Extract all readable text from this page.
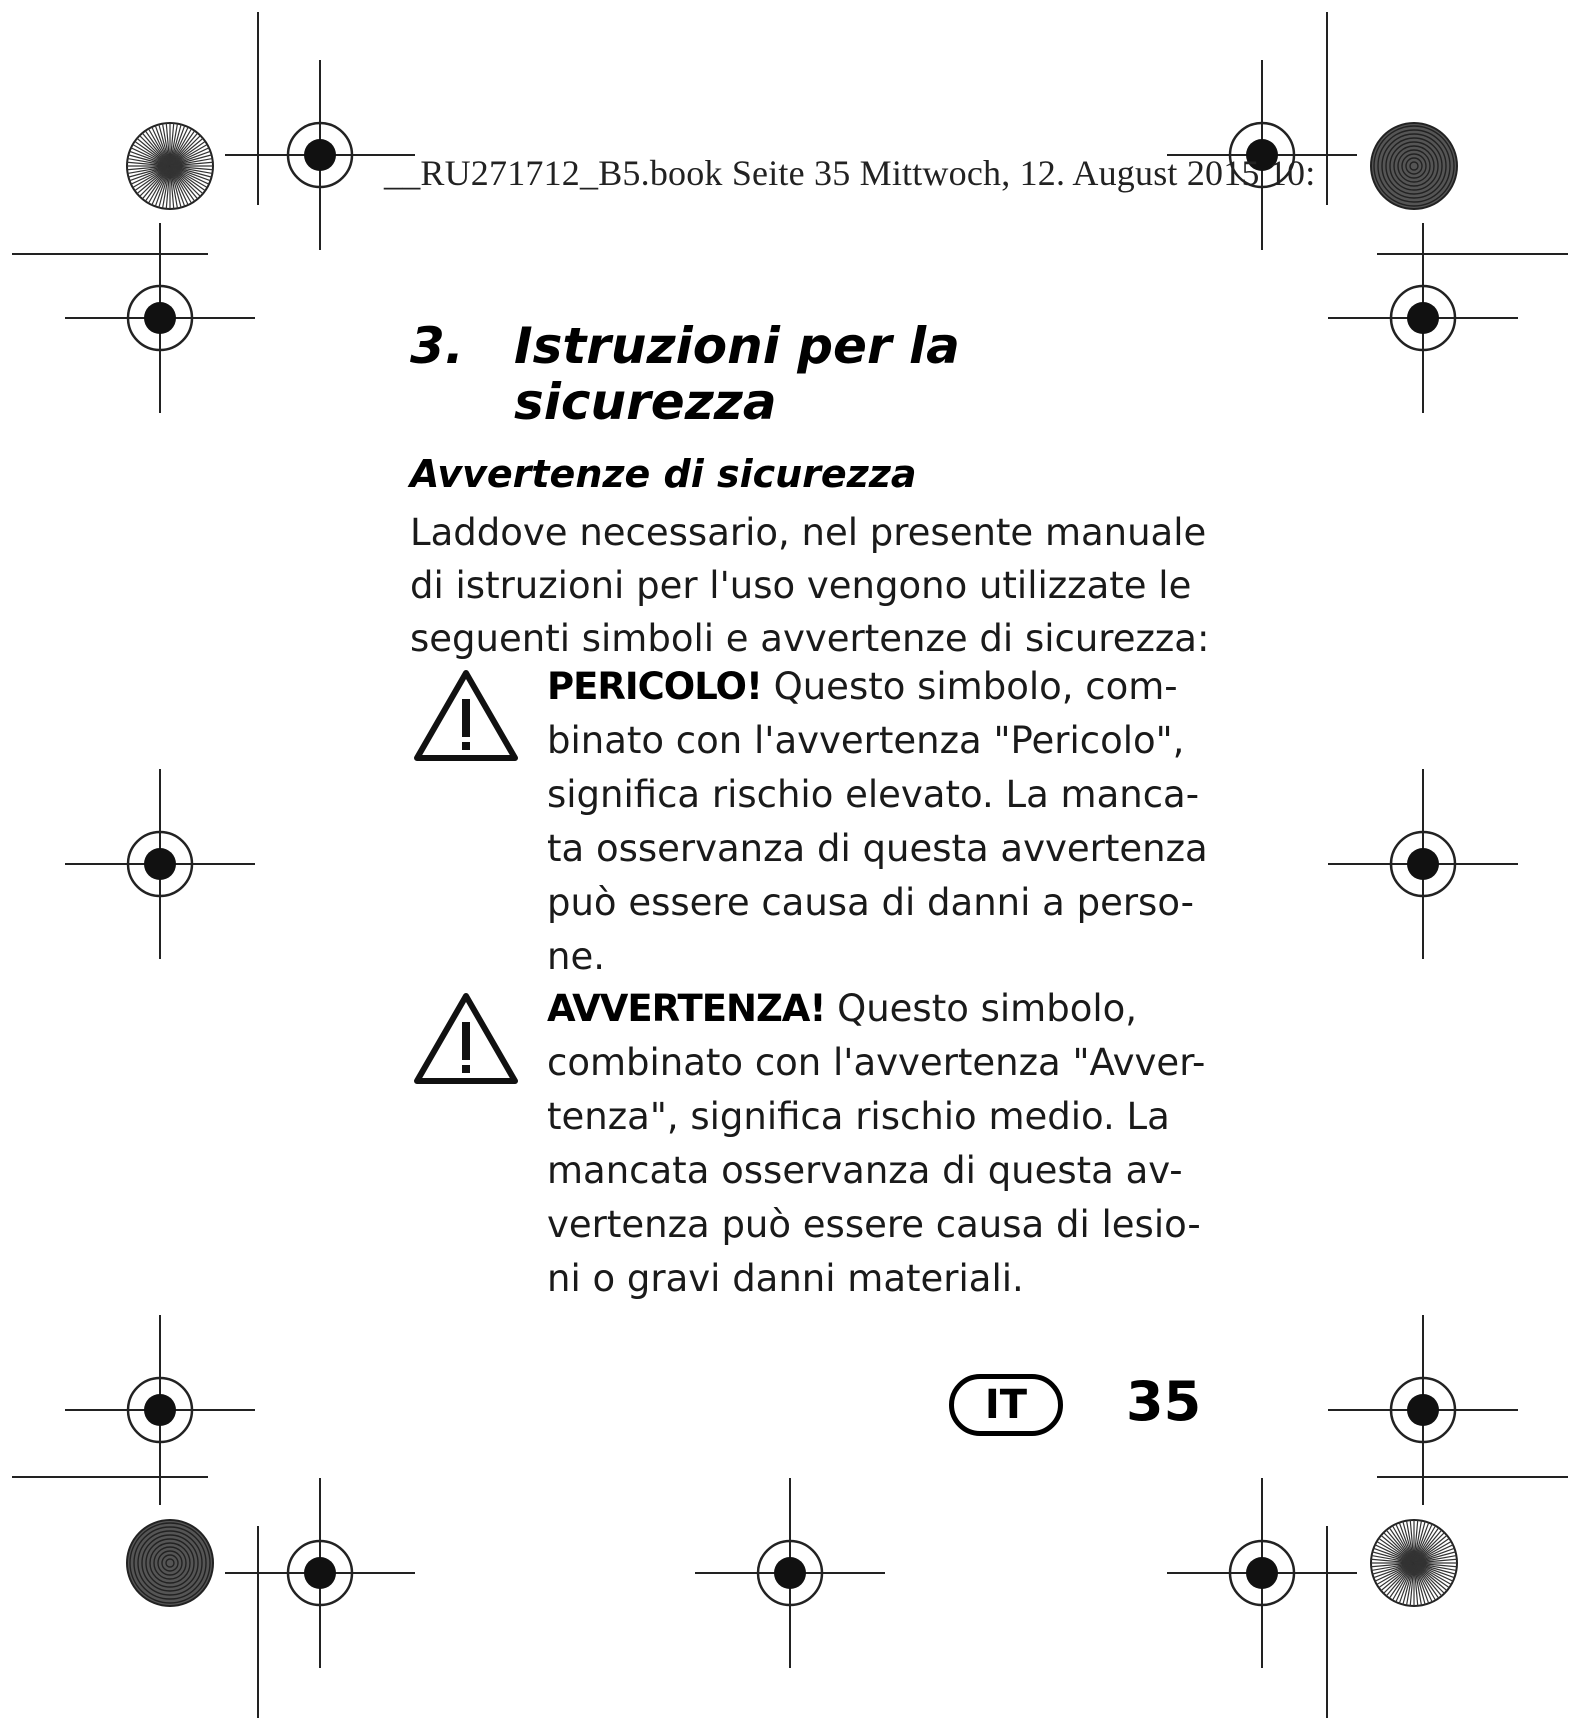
__RU271712_B5.book Seite 35 Mittwoch, 12. August 2015 10:
3. Istruzioni per la
sicurezza
Avvertenze di sicurezza
Laddove necessario, nel presente manuale
di istruzioni per l'uso vengono utilizzate le
seguenti simboli e avvertenze di sicurezza:
PERICOLO! Questo simbolo, com-
binato con l'avvertenza "Pericolo",
significa rischio elevato. La manca-
ta osservanza di questa avvertenza
può essere causa di danni a perso-
ne.
AVVERTENZA! Questo simbolo,
combinato con l'avvertenza "Avver-
tenza", significa rischio medio. La
mancata osservanza di questa av-
vertenza può essere causa di lesio-
ni o gravi danni materiali.
IT	35
